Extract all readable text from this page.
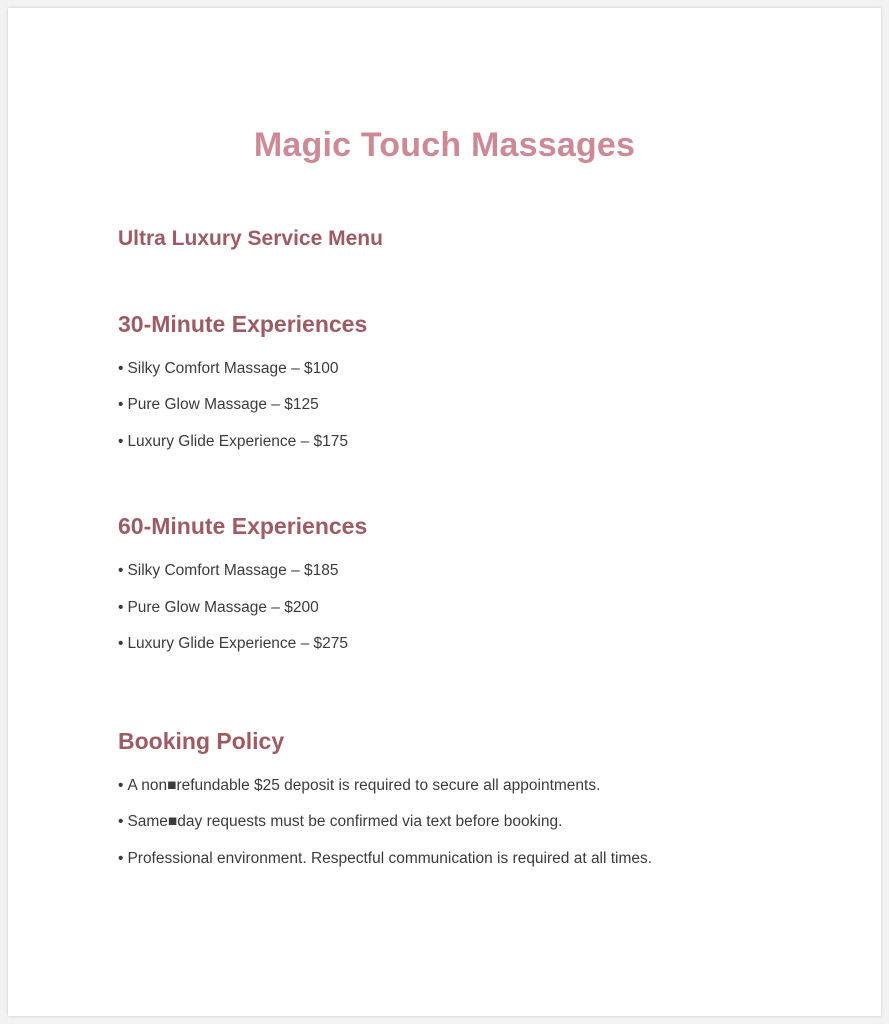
Magic Touch Massages
Ultra Luxury Service Menu
30-Minute Experiences

• Silky Comfort Massage – $100

• Pure Glow Massage – $125

• Luxury Glide Experience – $175

60-Minute Experiences

• Silky Comfort Massage – $185

• Pure Glow Massage – $200

• Luxury Glide Experience – $275

Booking Policy

• A non■refundable $25 deposit is required to secure all appointments.

• Same■day requests must be confirmed via text before booking.

• Professional environment. Respectful communication is required at all times.
